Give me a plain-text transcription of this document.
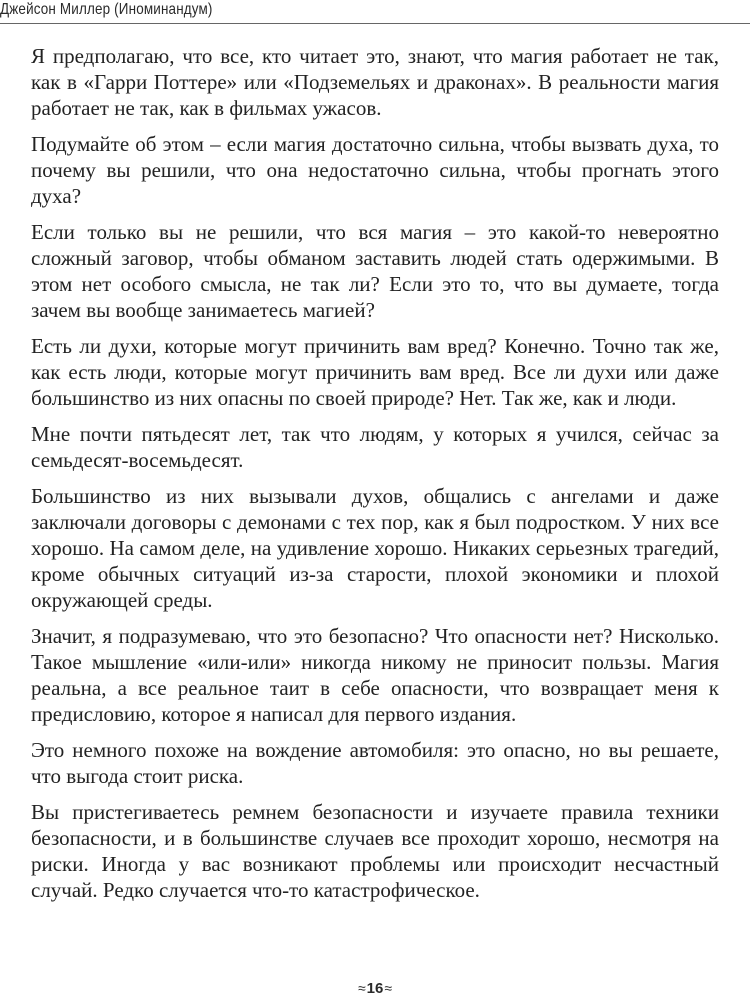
Джейсон Миллер (Иноминандум)

Я предполагаю, что все, кто читает это, знают, что магия работает не так, как в «Гарри Поттере» или «Подземельях и драконах». В реальности магия работает не так, как в фильмах ужасов.

Подумайте об этом – если магия достаточно сильна, чтобы вызвать духа, то почему вы решили, что она недостаточно сильна, чтобы прогнать этого духа?

Если только вы не решили, что вся магия – это какой-то невероятно сложный заговор, чтобы обманом заставить людей стать одержимыми. В этом нет особого смысла, не так ли? Если это то, что вы думаете, тогда зачем вы вообще занимаетесь магией?

Есть ли духи, которые могут причинить вам вред? Конечно. Точно так же, как есть люди, которые могут причинить вам вред. Все ли духи или даже большинство из них опасны по своей природе? Нет. Так же, как и люди.

Мне почти пятьдесят лет, так что людям, у которых я учился, сейчас за семьдесят-восемьдесят.

Большинство из них вызывали духов, общались с ангелами и даже заключали договоры с демонами с тех пор, как я был подростком. У них все хорошо. На самом деле, на удивление хорошо. Никаких серьезных трагедий, кроме обычных ситуаций из-за старости, плохой экономики и плохой окружающей среды.

Значит, я подразумеваю, что это безопасно? Что опасности нет? Нисколько. Такое мышление «или-или» никогда никому не приносит пользы. Магия реальна, а все реальное таит в себе опасности, что возвращает меня к предисловию, которое я написал для первого издания.

Это немного похоже на вождение автомобиля: это опасно, но вы решаете, что выгода стоит риска.

Вы пристегиваетесь ремнем безопасности и изучаете правила техники безопасности, и в большинстве случаев все проходит хорошо, несмотря на риски. Иногда у вас возникают проблемы или происходит несчастный случай. Редко случается что-то катастрофическое.

≈16≈
